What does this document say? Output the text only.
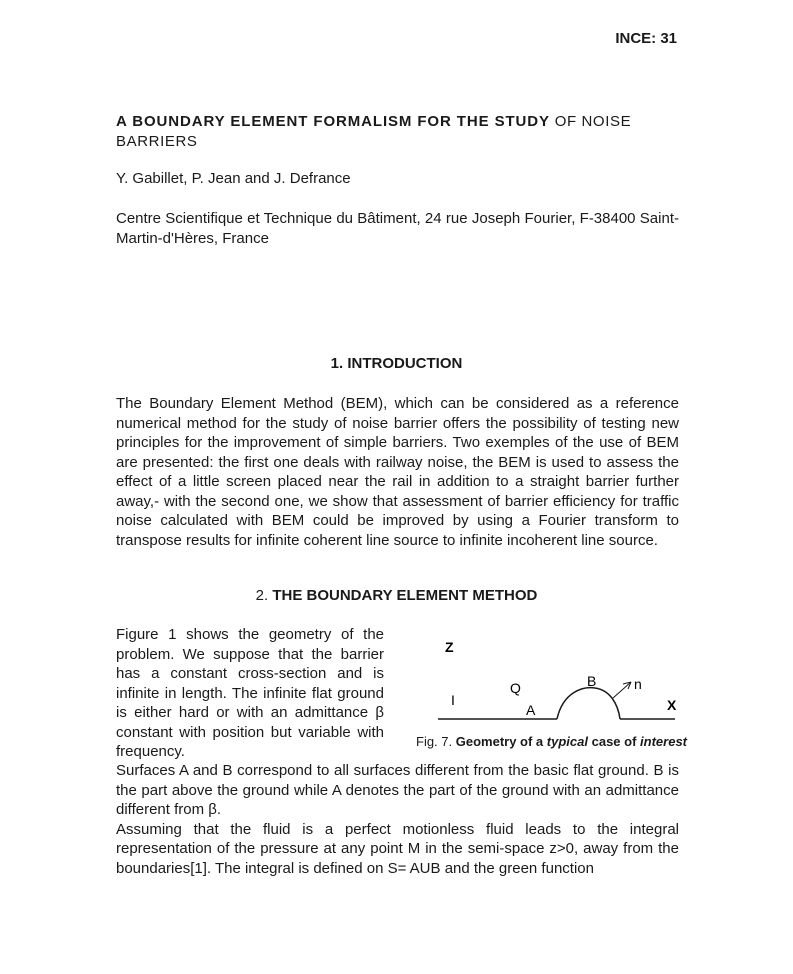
INCE: 31
A BOUNDARY ELEMENT FORMALISM FOR THE STUDY OF NOISE BARRIERS
Y. Gabillet, P. Jean and J. Defrance
Centre Scientifique et Technique du Bâtiment, 24 rue Joseph Fourier, F-38400 Saint-Martin-d'Hères, France
1. INTRODUCTION
The Boundary Element Method (BEM), which can be considered as a reference numerical method for the study of noise barrier offers the possibility of testing new principles for the improvement of simple barriers. Two exemples of the use of BEM are presented: the first one deals with railway noise, the BEM is used to assess the effect of a little screen placed near the rail in addition to a straight barrier further away,- with the second one, we show that assessment of barrier efficiency for traffic noise calculated with BEM could be improved by using a Fourier transform to transpose results for infinite coherent line source to infinite incoherent line source.
2. THE BOUNDARY ELEMENT METHOD
Figure 1 shows the geometry of the problem. We suppose that the barrier has a constant cross-section and is infinite in length. The infinite flat ground is either hard or with an admittance β constant with position but variable with frequency.
Z
I
Q
A
B	n
X
Fig. 7. Geometry of a typical case of interest

Surfaces A and B correspond to all surfaces different from the basic flat ground. B is the part above the ground while A denotes the part of the ground with an admittance different from β.

Assuming that the fluid is a perfect motionless fluid leads to the integral representation of the pressure at any point M in the semi-space z>0, away from the boundaries[1]. The integral is defined on S= AUB and the green function
